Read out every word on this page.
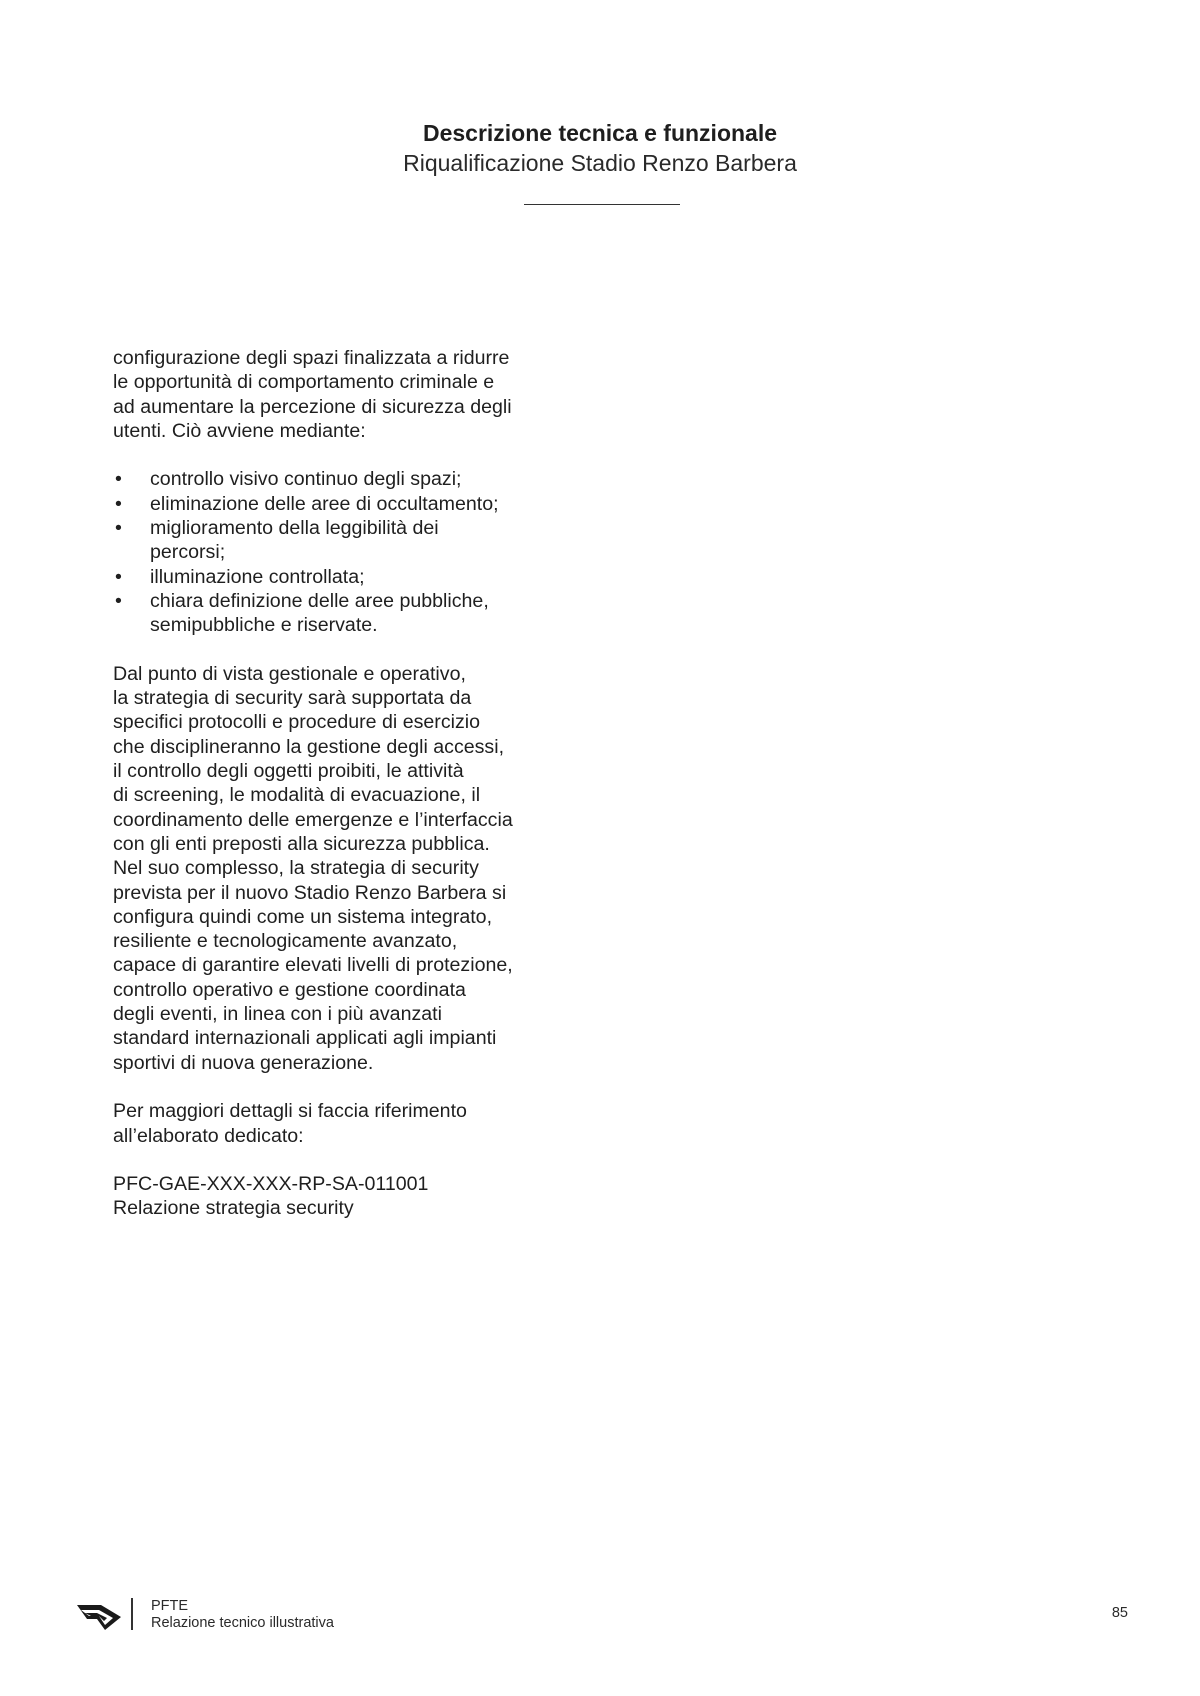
Descrizione tecnica e funzionale
Riqualificazione Stadio Renzo Barbera
configurazione degli spazi finalizzata a ridurre
le opportunità di comportamento criminale e
ad aumentare la percezione di sicurezza degli
utenti. Ciò avviene mediante:
• controllo visivo continuo degli spazi;
• eliminazione delle aree di occultamento;
• miglioramento della leggibilità dei
percorsi;
• illuminazione controllata;
• chiara definizione delle aree pubbliche,
semipubbliche e riservate.
Dal punto di vista gestionale e operativo,
la strategia di security sarà supportata da
specifici protocolli e procedure di esercizio
che disciplineranno la gestione degli accessi,
il controllo degli oggetti proibiti, le attività
di screening, le modalità di evacuazione, il
coordinamento delle emergenze e l’interfaccia
con gli enti preposti alla sicurezza pubblica.
Nel suo complesso, la strategia di security
prevista per il nuovo Stadio Renzo Barbera si
configura quindi come un sistema integrato,
resiliente e tecnologicamente avanzato,
capace di garantire elevati livelli di protezione,
controllo operativo e gestione coordinata
degli eventi, in linea con i più avanzati
standard internazionali applicati agli impianti
sportivi di nuova generazione.
Per maggiori dettagli si faccia riferimento
all’elaborato dedicato:
PFC-GAE-XXX-XXX-RP-SA-011001
Relazione strategia security
PFTE
Relazione tecnico illustrativa
85
